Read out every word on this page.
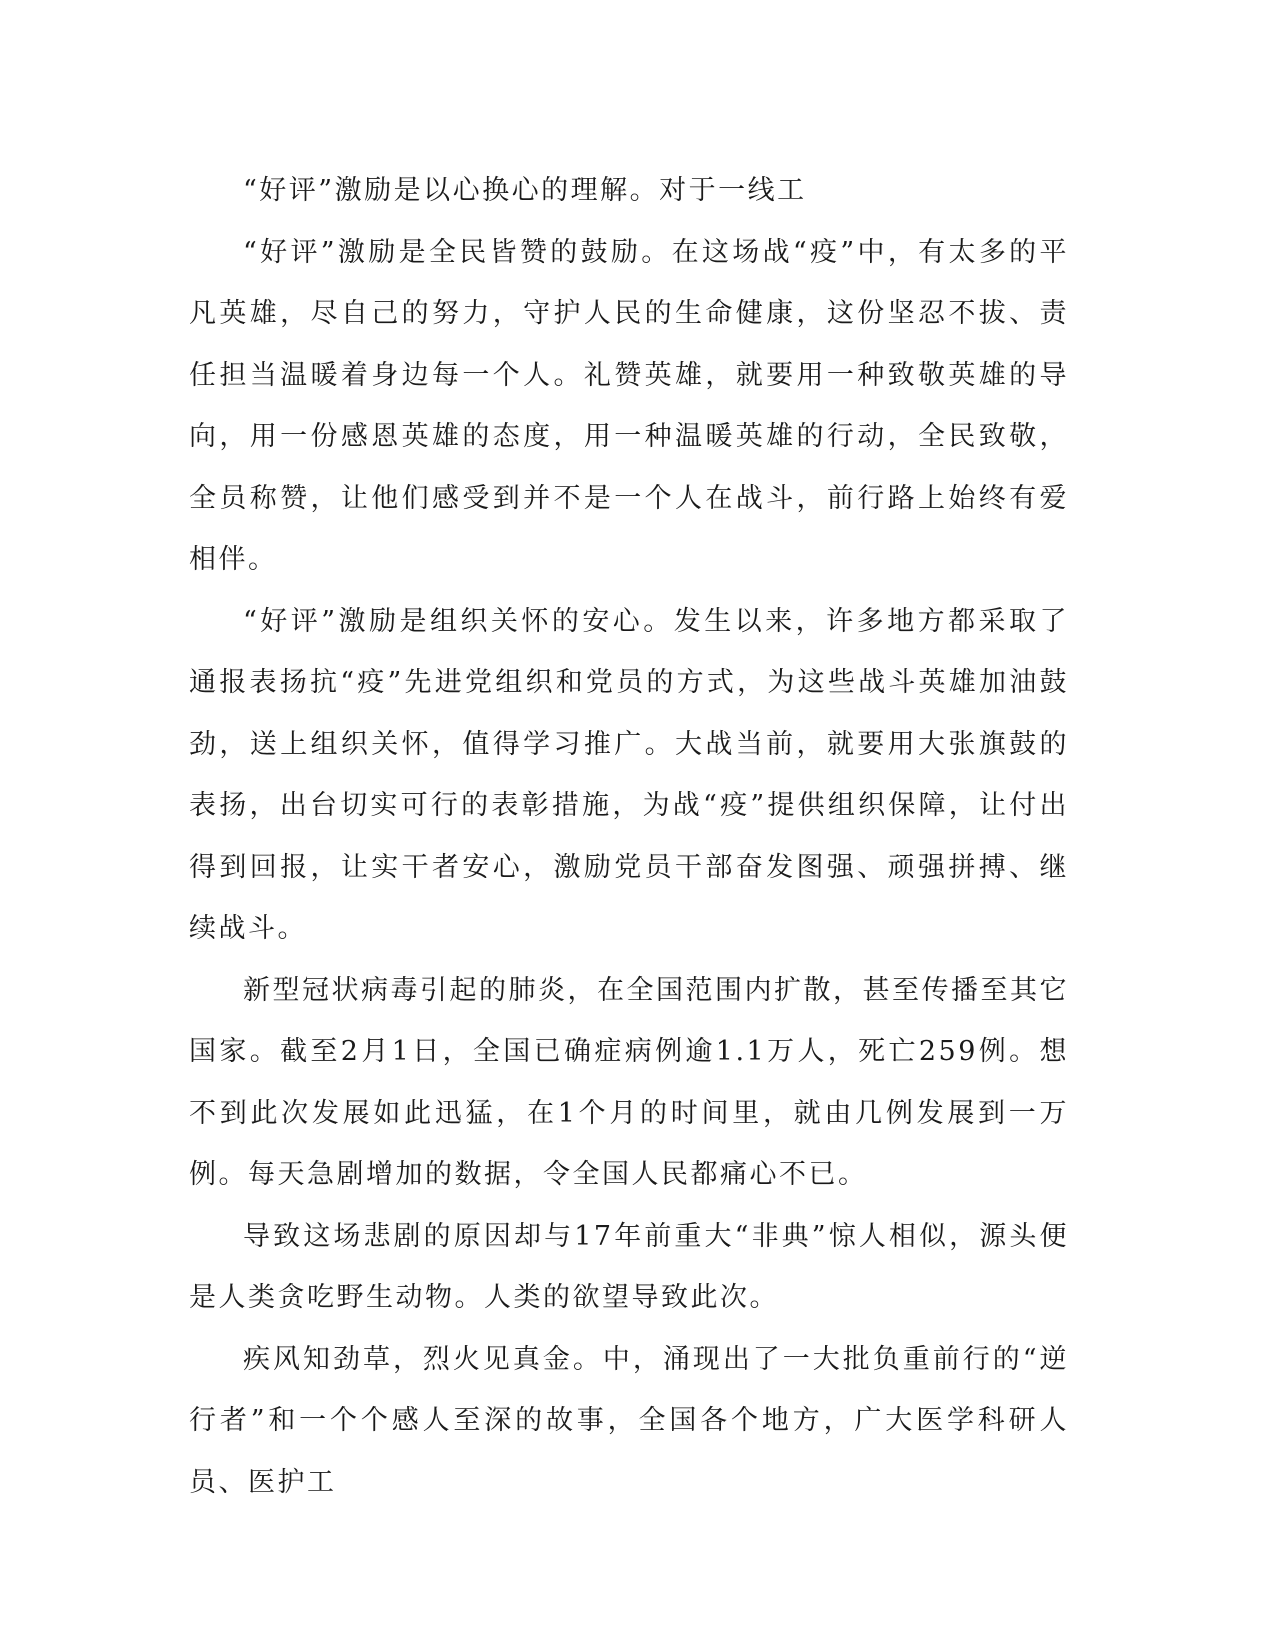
“好评”激励是以心换心的理解。对于一线工

“好评”激励是全民皆赞的鼓励。在这场战“疫”中，有太多的平凡英雄，尽自己的努力，守护人民的生命健康，这份坚忍不拔、责任担当温暖着身边每一个人。礼赞英雄，就要用一种致敬英雄的导向，用一份感恩英雄的态度，用一种温暖英雄的行动，全民致敬，全员称赞，让他们感受到并不是一个人在战斗，前行路上始终有爱相伴。

“好评”激励是组织关怀的安心。发生以来，许多地方都采取了通报表扬抗“疫”先进党组织和党员的方式，为这些战斗英雄加油鼓劲，送上组织关怀，值得学习推广。大战当前，就要用大张旗鼓的表扬，出台切实可行的表彰措施，为战“疫”提供组织保障，让付出得到回报，让实干者安心，激励党员干部奋发图强、顽强拼搏、继续战斗。

新型冠状病毒引起的肺炎，在全国范围内扩散，甚至传播至其它国家。截至2月1日，全国已确症病例逾1.1万人，死亡259例。想不到此次发展如此迅猛，在1个月的时间里，就由几例发展到一万例。每天急剧增加的数据，令全国人民都痛心不已。

导致这场悲剧的原因却与17年前重大“非典”惊人相似，源头便是人类贪吃野生动物。人类的欲望导致此次。

疾风知劲草，烈火见真金。中，涌现出了一大批负重前行的“逆行者”和一个个感人至深的故事，全国各个地方，广大医学科研人员、医护工
